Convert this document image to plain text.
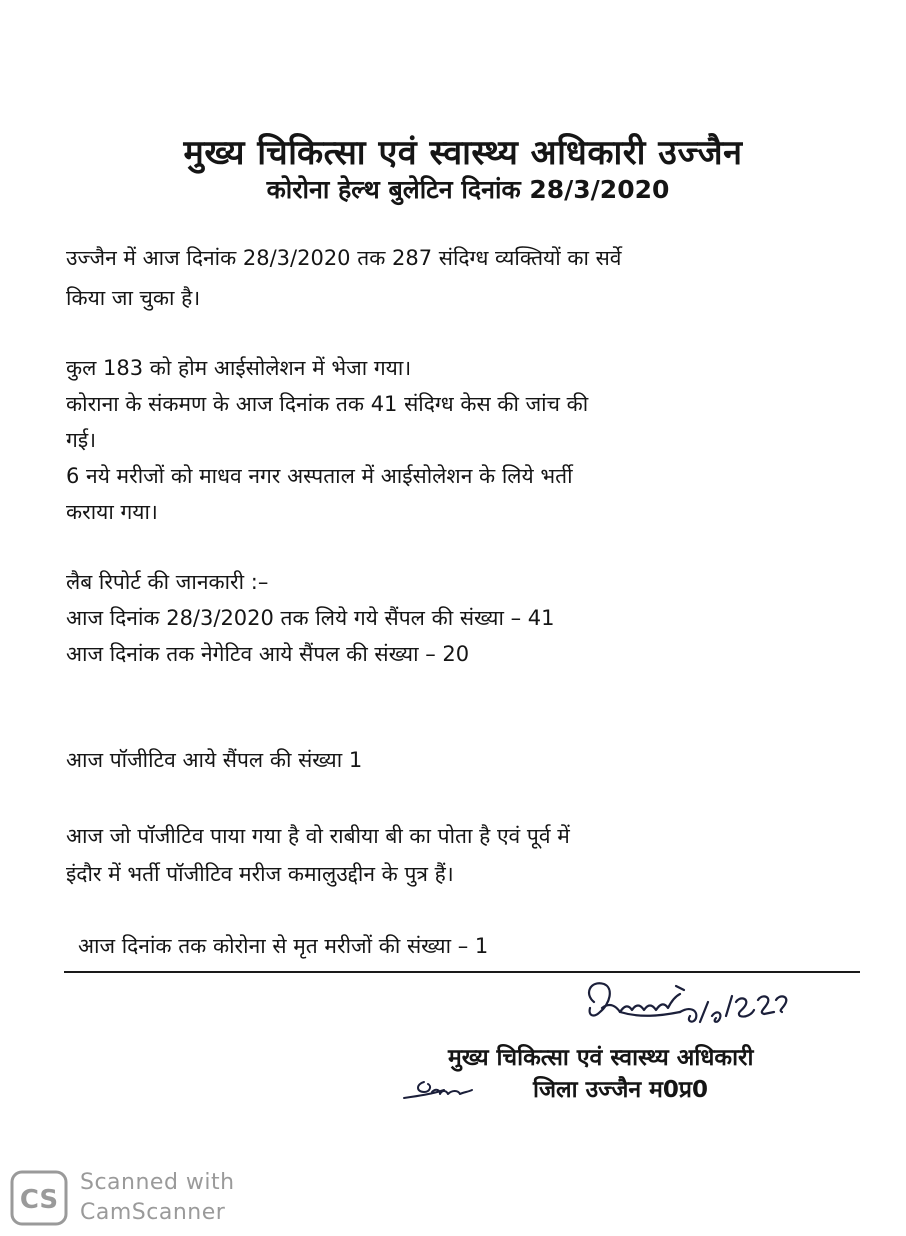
मुख्य चिकित्सा एवं स्वास्थ्य अधिकारी उज्जैन
कोरोना हेल्थ बुलेटिन दिनांक 28/3/2020
उज्जैन में आज दिनांक 28/3/2020 तक 287 संदिग्ध व्यक्तियों का सर्वे
किया जा चुका है।
कुल 183 को होम आईसोलेशन में भेजा गया।
कोराना के संकमण के आज दिनांक तक 41 संदिग्ध केस की जांच की
गई।
6 नये मरीजों को माधव नगर अस्पताल में आईसोलेशन के लिये भर्ती
कराया गया।
लैब रिपोर्ट की जानकारी :–
आज दिनांक 28/3/2020 तक लिये गये सैंपल की संख्या – 41
आज दिनांक तक नेगेटिव आये सैंपल की संख्या – 20
आज पॉजीटिव आये सैंपल की संख्या 1
आज जो पॉजीटिव पाया गया है वो राबीया बी का पोता है एवं पूर्व में
इंदौर में भर्ती पॉजीटिव मरीज कमालुउद्दीन के पुत्र हैं।
आज दिनांक तक कोरोना से मृत मरीजों की संख्या – 1
मुख्य चिकित्सा एवं स्वास्थ्य अधिकारी
जिला उज्जैन म0प्र0
CS
Scanned with
CamScanner
